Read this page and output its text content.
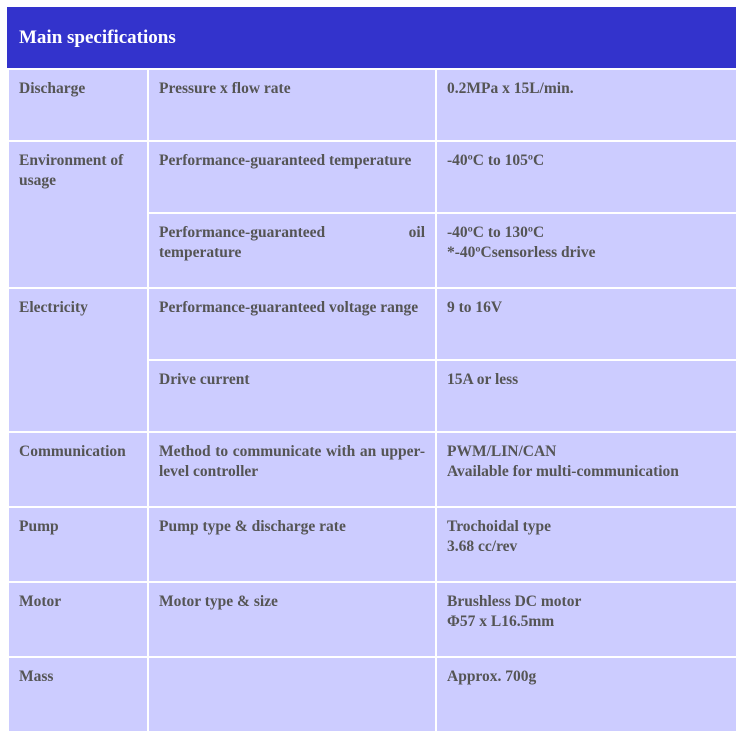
Main specifications
Discharge	Pressure x flow rate	0.2MPa x 15L/min.

Environment of usage	Performance-guaranteed temperature	-40ºC to 105ºC

	Performance-guaranteed oil temperature	-40ºC to 130ºC
*-40ºCsensorless drive

Electricity	Performance-guaranteed voltage range	9 to 16V

	Drive current	15A or less

Communication	Method to communicate with an upper-level controller	PWM/LIN/CAN
Available for multi-communication

Pump	Pump type & discharge rate	Trochoidal type
3.68 cc/rev

Motor	Motor type & size	Brushless DC motor
Φ57 x L16.5mm

Mass		Approx. 700g
